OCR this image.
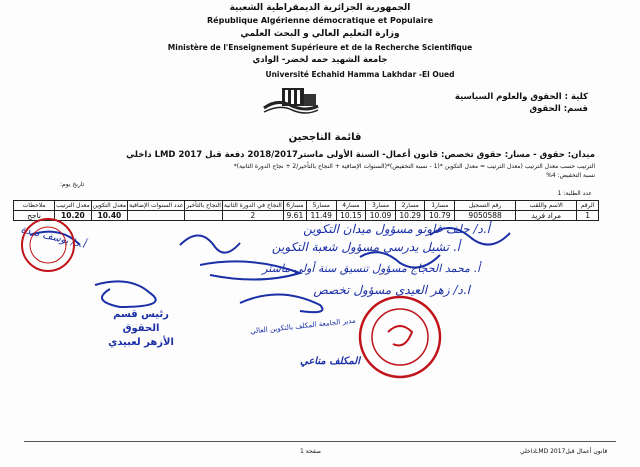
الجمهورية الجزائرية الديمقراطية الشعبية
République Algérienne démocratique et Populaire
وزارة التعليم العالي و البحث العلمي
Ministère de l'Enseignement Supérieure et de la Recherche Scientifique
جامعة الشهيد حمه لخضر- الوادي
Université Echahid Hamma Lakhdar -El Oued
كلية : الحقوق والعلوم السياسية
قسم: الحقوق
قائمة الناجحين
ميدان: حقوق - مسار: حقوق تخصص: قانون أعمال- السنة الأولى ماستر2018/2017 دفعة قبل LMD 2017 داخلي
الترتيب حسب معدل الترتيب (معدل الترتيب = معدل التكوين *(1 - نسبة التخفيض)*(السنوات الإضافية + النجاح بالتأخير/2 + نجاح الدورة الثانية)*
نسبة التخفيض: 4%
تاريخ يوم:
عدد الطلبة: 1
ملاحظات	معدل الترتيب	معدل التكوين	عدد السنوات الإضافية	النجاح بالتأخير	النجاح في الدورة الثانية	مسار6	مسار5	مسار4	مسار3	مسار2	مسار1	رقم التسجيل	الاسم واللقب	الرقم
ناجح	10.20	10.40			2	9.61	11.49	10.15	10.09	10.29	10.79	9050588	مراد فريد	1
أ.د/ جلف غاوتو مسؤول ميدان التكوين
أ. تشيل يدرسي مسؤول شعبة التكوين
أ. محمد الحجاج مسؤول تنسيق سنة أولى ماستر
ا.د/ زهر العيدي مسؤول تخصص
أ.د/ يوسف تمدة
رئيس قسم الحقوق
الأزهر لعبيدي
مدير الجامعة المكلف بالتكوين العالي
المكلف مناعي
صفحة 1	قانون أعمال قبلLMD 2017داخلي
